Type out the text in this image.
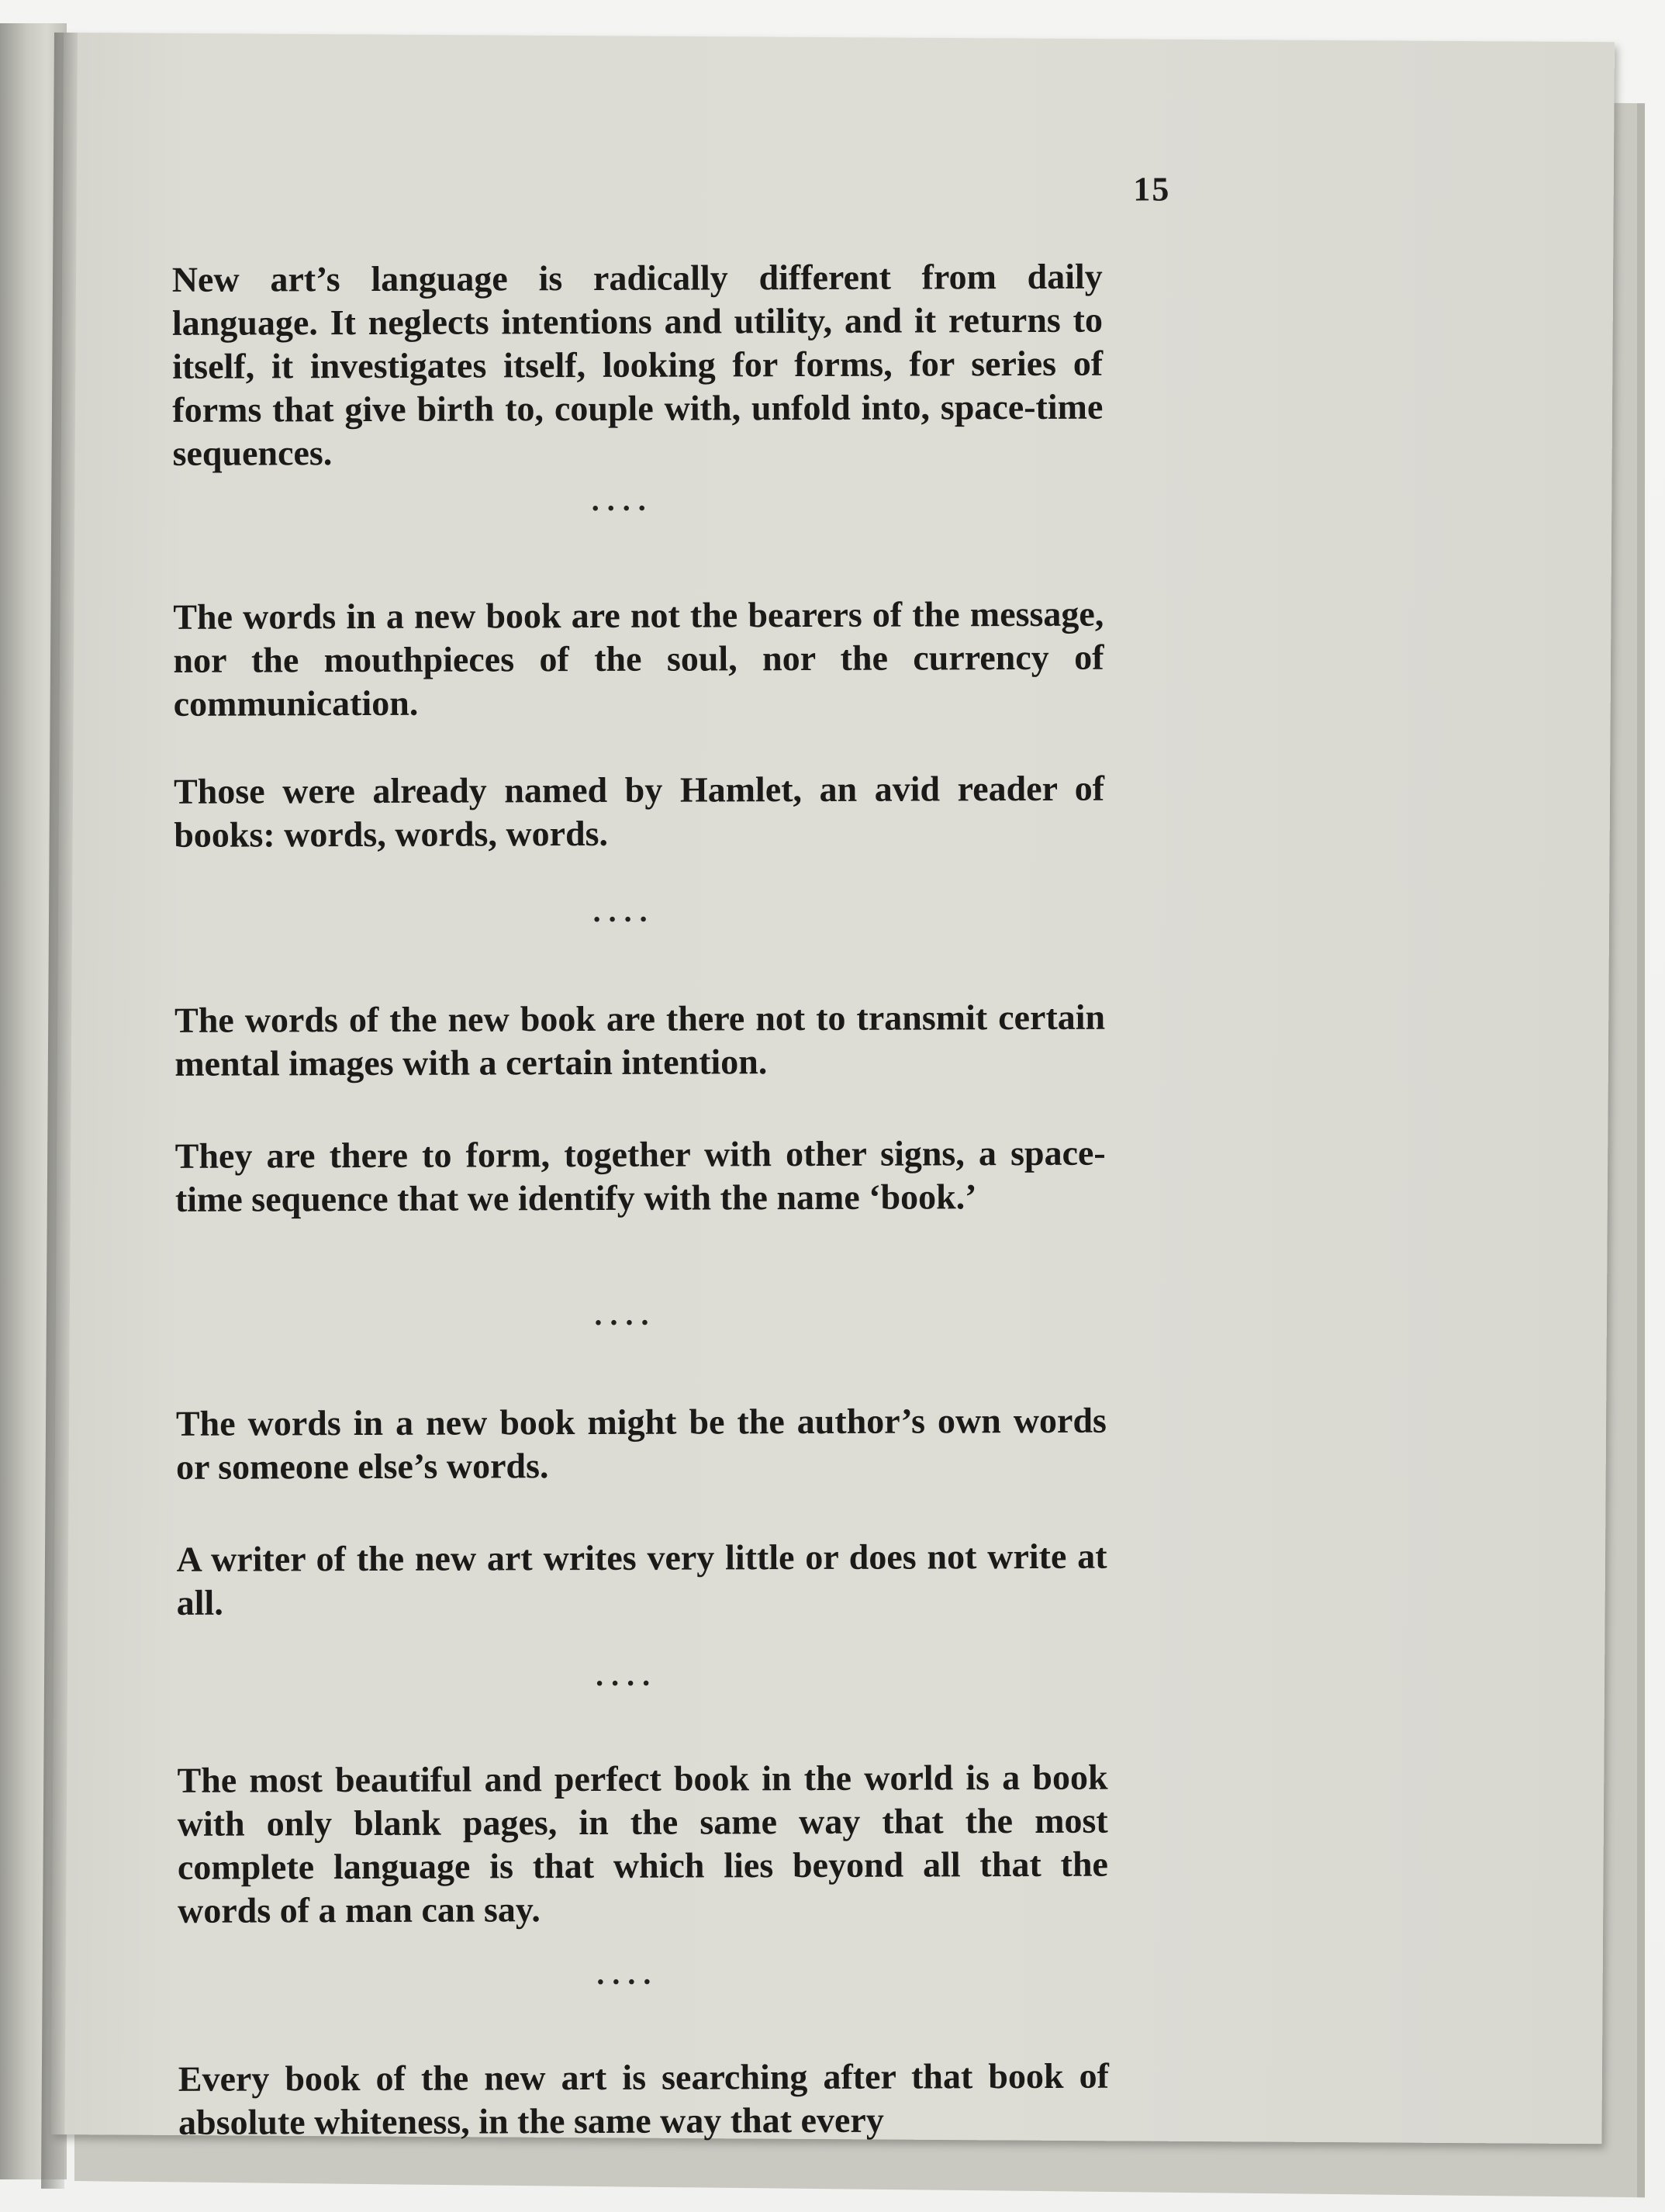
15
New art’s language is radically different from daily language. It neglects intentions and utility, and it returns to itself, it investigates itself, looking for forms, for series of forms that give birth to, couple with, unfold into, space-time sequences.
....
The words in a new book are not the bearers of the message, nor the mouthpieces of the soul, nor the currency of communication.
Those were already named by Hamlet, an avid reader of books: words, words, words.
....
The words of the new book are there not to transmit certain mental images with a certain intention.
They are there to form, together with other signs, a space-time sequence that we identify with the name ‘book.’
....
The words in a new book might be the author’s own words or someone else’s words.
A writer of the new art writes very little or does not write at all.
....
The most beautiful and perfect book in the world is a book with only blank pages, in the same way that the most complete language is that which lies beyond all that the words of a man can say.
....
Every book of the new art is searching after that book of absolute whiteness, in the same way that every
